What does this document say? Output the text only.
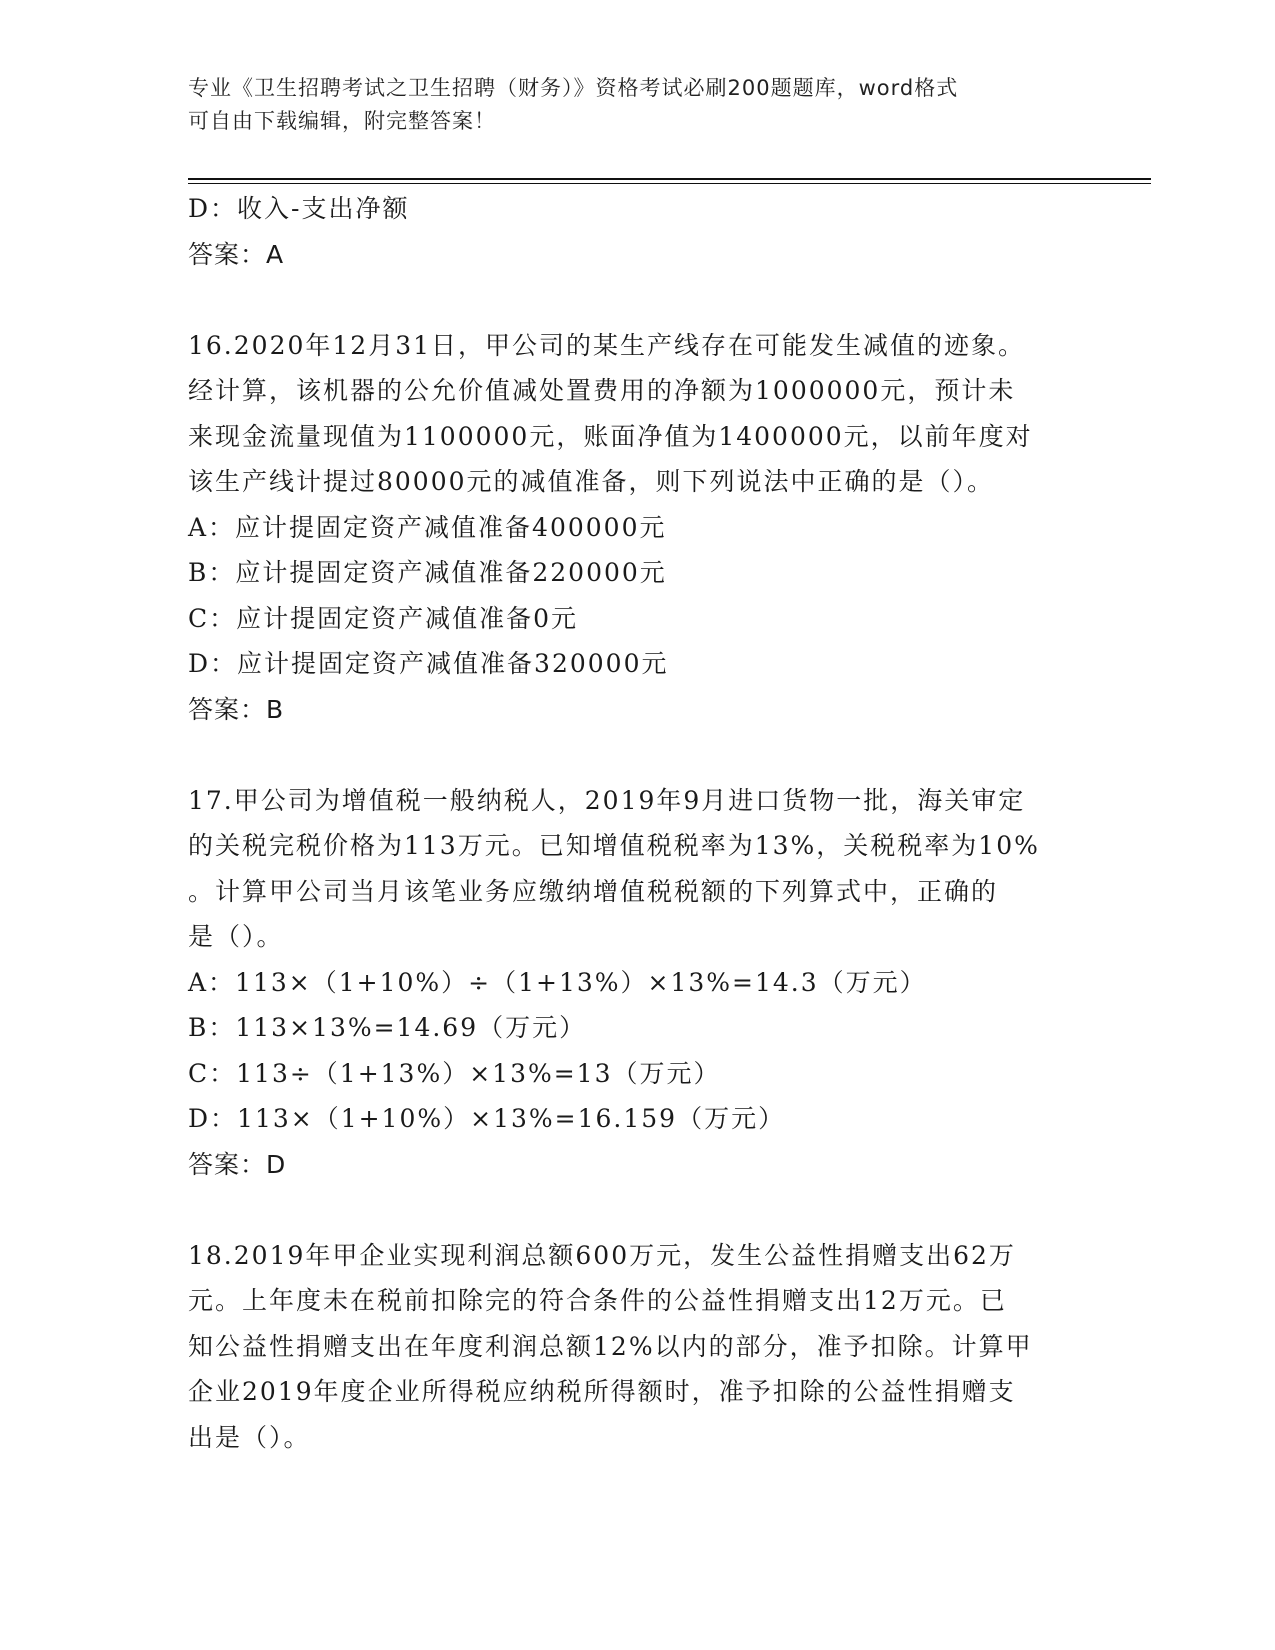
专业《卫生招聘考试之卫生招聘（财务）》资格考试必刷200题题库，word格式
可自由下载编辑，附完整答案！
D：收入-支出净额
答案：A
16.2020年12月31日，甲公司的某生产线存在可能发生减值的迹象。
经计算，该机器的公允价值减处置费用的净额为1000000元，预计未
来现金流量现值为1100000元，账面净值为1400000元，以前年度对
该生产线计提过80000元的减值准备，则下列说法中正确的是（）。
A：应计提固定资产减值准备400000元
B：应计提固定资产减值准备220000元
C：应计提固定资产减值准备0元
D：应计提固定资产减值准备320000元
答案：B
17.甲公司为增值税一般纳税人，2019年9月进口货物一批，海关审定
的关税完税价格为113万元。已知增值税税率为13%，关税税率为10%
。计算甲公司当月该笔业务应缴纳增值税税额的下列算式中，正确的
是（）。
A：113×（1+10%）÷（1+13%）×13%=14.3（万元）
B：113×13%=14.69（万元）
C：113÷（1+13%）×13%=13（万元）
D：113×（1+10%）×13%=16.159（万元）
答案：D
18.2019年甲企业实现利润总额600万元，发生公益性捐赠支出62万
元。上年度未在税前扣除完的符合条件的公益性捐赠支出12万元。已
知公益性捐赠支出在年度利润总额12%以内的部分，准予扣除。计算甲
企业2019年度企业所得税应纳税所得额时，准予扣除的公益性捐赠支
出是（）。
